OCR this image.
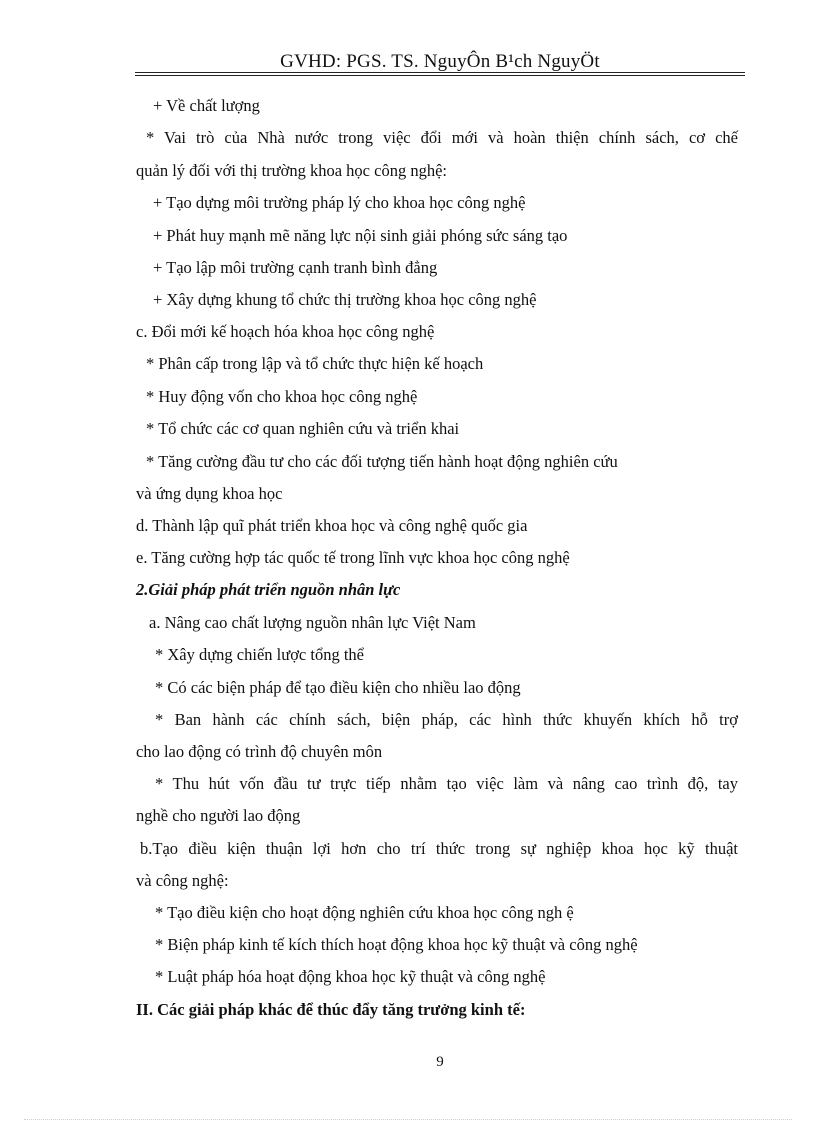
GVHD: PGS. TS. NguyÔn B¹ch NguyÖt
+ Về chất lượng
* Vai trò của Nhà nước trong việc đổi mới và hoàn thiện chính sách, cơ chế
quản lý đối với thị trường khoa học công nghệ:
+ Tạo dựng môi trường pháp lý cho khoa học công nghệ
+ Phát huy mạnh mẽ năng lực nội sinh giải phóng sức sáng tạo
+ Tạo lập môi trường cạnh tranh bình đẳng
+ Xây dựng khung tổ chức thị trường khoa học công nghệ
c. Đổi mới kế hoạch hóa khoa học công nghệ
* Phân cấp trong lập và tổ chức thực hiện kế hoạch
* Huy động vốn cho khoa học công nghệ
* Tổ chức các cơ quan nghiên cứu và triển khai
* Tăng cường đầu tư cho các đối tượng tiến hành hoạt động nghiên cứu
và ứng dụng khoa học
d. Thành lập quĩ phát triển khoa học và công nghệ quốc gia
e. Tăng cường hợp tác quốc tế trong lĩnh vực khoa học công nghệ
2.Giải pháp phát triển nguồn nhân lực
a. Nâng cao chất lượng nguồn nhân lực Việt Nam
* Xây dựng chiến lược tổng thể
* Có các biện pháp để tạo điều kiện cho nhiều lao động
* Ban hành các chính sách, biện pháp, các hình thức khuyến khích hỗ trợ
cho lao động có trình độ chuyên môn
* Thu hút vốn đầu tư trực tiếp nhằm tạo việc làm và nâng cao trình độ, tay
nghề cho người lao động
b.Tạo điều kiện thuận lợi hơn cho trí thức trong sự nghiệp khoa học kỹ thuật
và công nghệ:
* Tạo điều kiện cho hoạt động nghiên cứu khoa học công ngh ệ
* Biện pháp kinh tế kích thích hoạt động khoa học kỹ thuật và công nghệ
* Luật pháp hóa hoạt động khoa học kỹ thuật và công nghệ
II. Các giải pháp khác để thúc đẩy tăng trưởng kinh tế:
9
